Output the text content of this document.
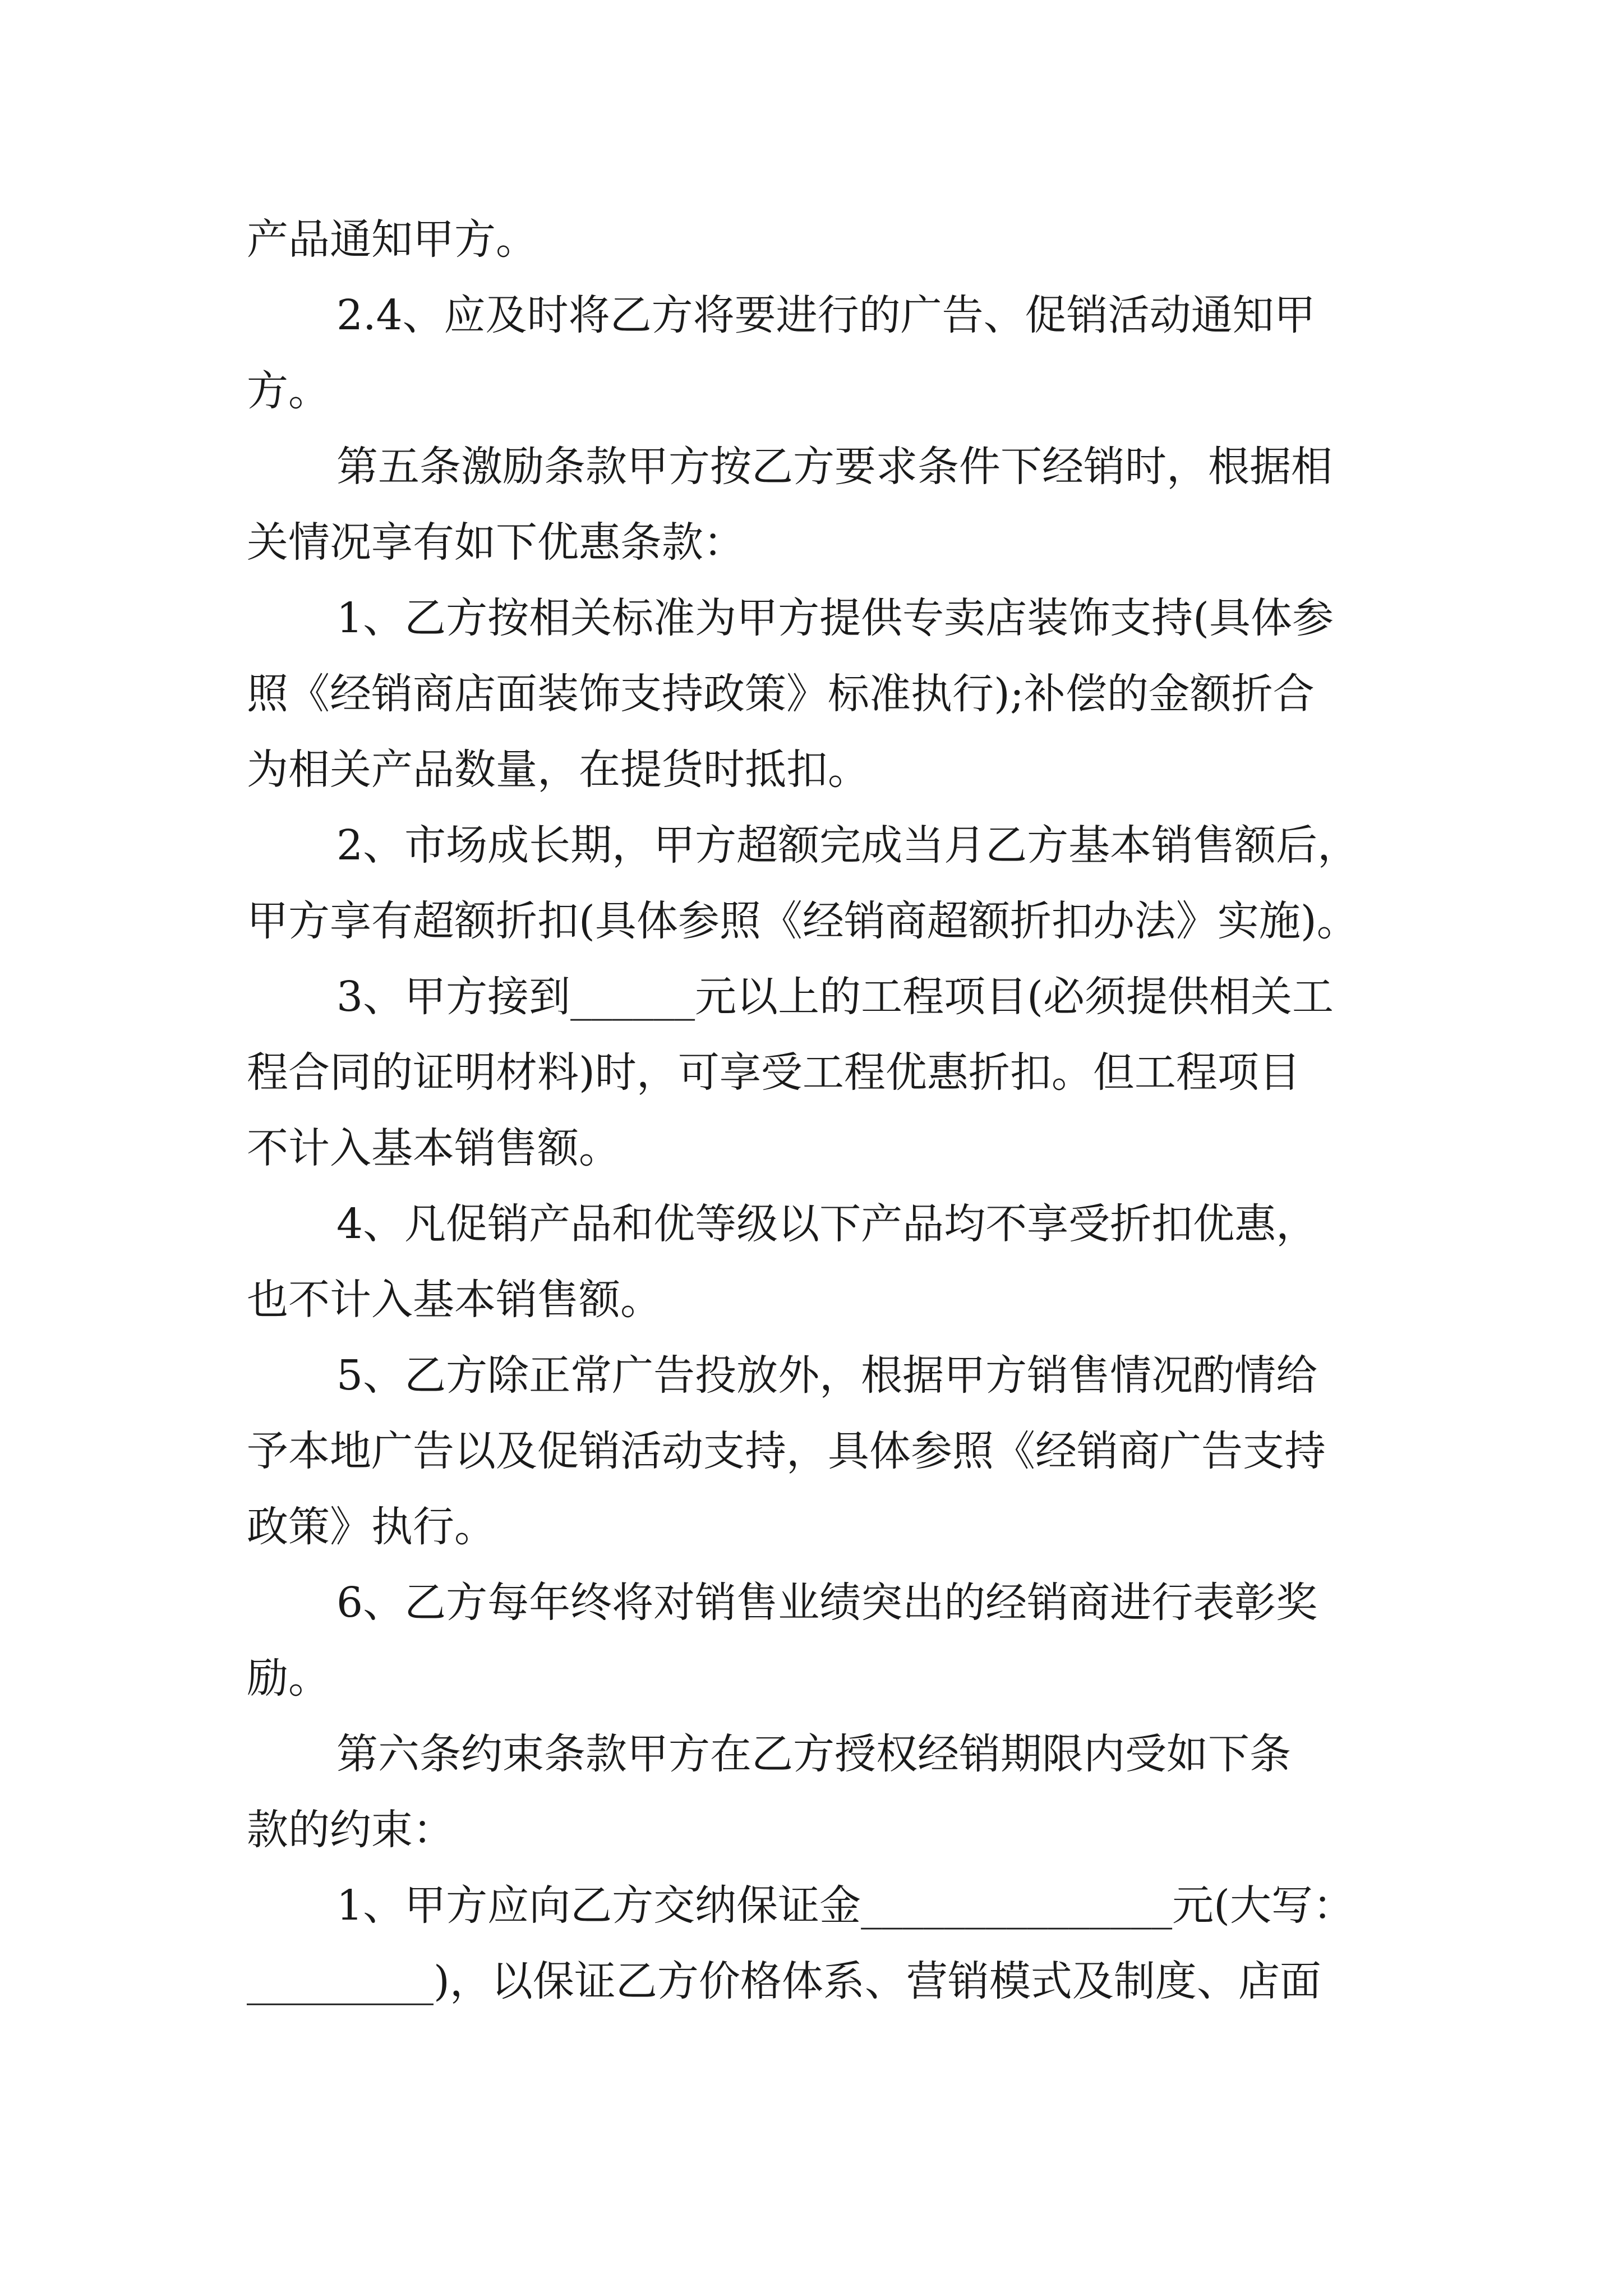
产品通知甲方。

2.4、应及时将乙方将要进行的广告、促销活动通知甲

方。

第五条激励条款甲方按乙方要求条件下经销时，根据相

关情况享有如下优惠条款：

1、乙方按相关标准为甲方提供专卖店装饰支持(具体参

照《经销商店面装饰支持政策》标准执行);补偿的金额折合

为相关产品数量，在提货时抵扣。

2、市场成长期，甲方超额完成当月乙方基本销售额后，

甲方享有超额折扣(具体参照《经销商超额折扣办法》实施)。

3、甲方接到______元以上的工程项目(必须提供相关工

程合同的证明材料)时，可享受工程优惠折扣。但工程项目

不计入基本销售额。

4、凡促销产品和优等级以下产品均不享受折扣优惠，

也不计入基本销售额。

5、乙方除正常广告投放外，根据甲方销售情况酌情给

予本地广告以及促销活动支持，具体参照《经销商广告支持

政策》执行。

6、乙方每年终将对销售业绩突出的经销商进行表彰奖

励。

第六条约束条款甲方在乙方授权经销期限内受如下条

款的约束：

1、甲方应向乙方交纳保证金_______________元(大写：

_________)，以保证乙方价格体系、营销模式及制度、店面
